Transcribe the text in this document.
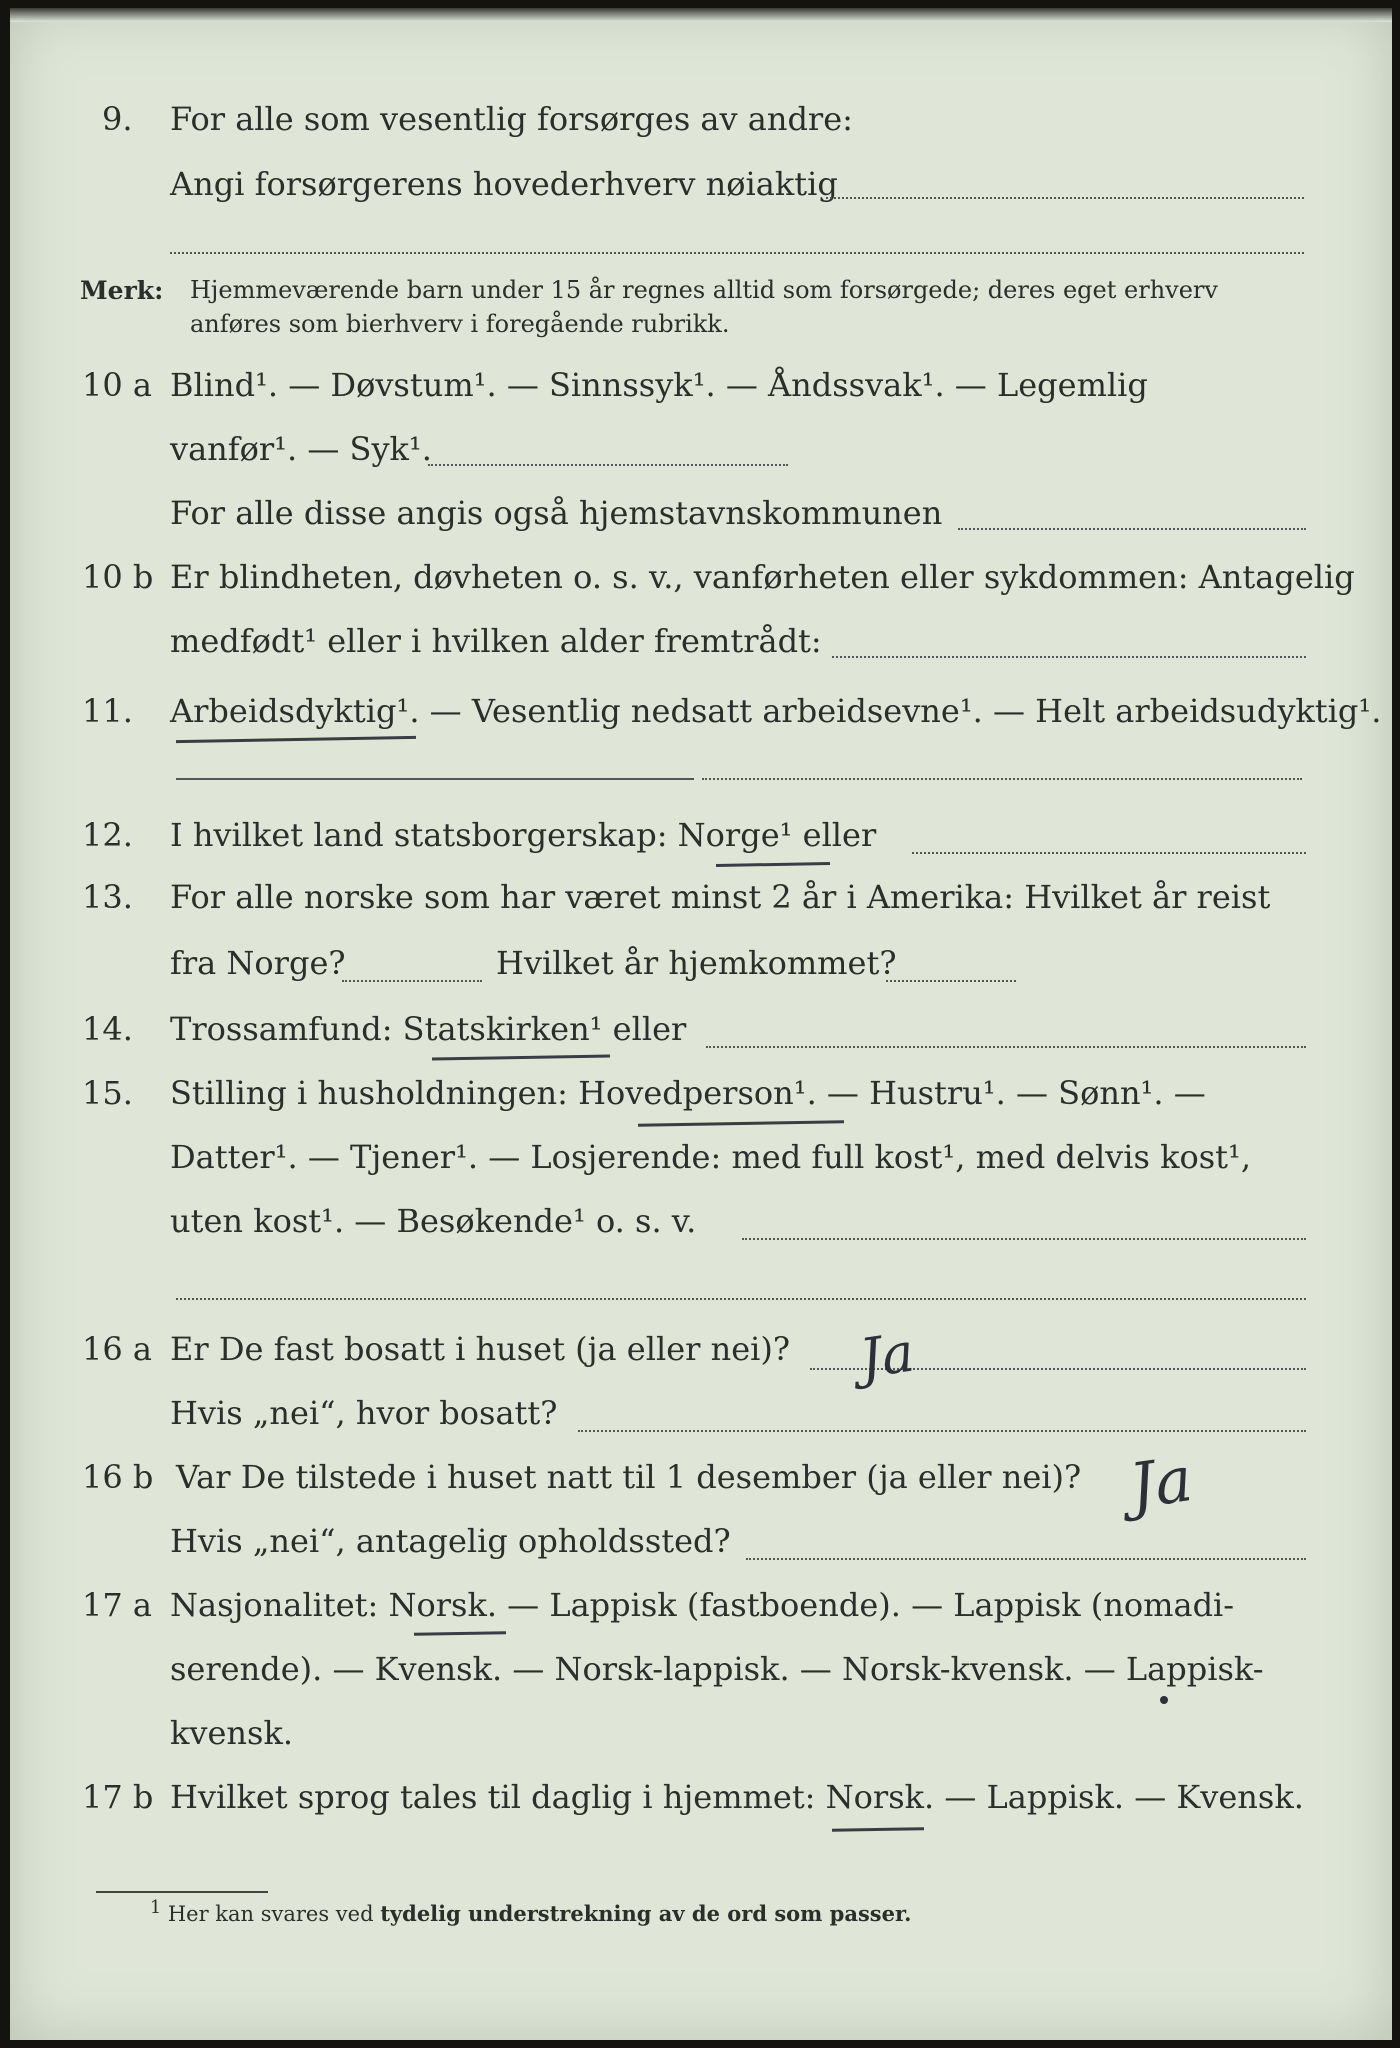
9. For alle som vesentlig forsørges av andre:
Angi forsørgerens hovederhverv nøiaktig
Merk: Hjemmeværende barn under 15 år regnes alltid som forsørgede; deres eget erhverv
anføres som bierhverv i foregående rubrikk.
10 a Blind¹. — Døvstum¹. — Sinnssyk¹. — Åndssvak¹. — Legemlig
vanfør¹. — Syk¹.
For alle disse angis også hjemstavnskommunen
10 b Er blindheten, døvheten o. s. v., vanførheten eller sykdommen: Antagelig
medfødt¹ eller i hvilken alder fremtrådt:
11. Arbeidsdyktig¹. — Vesentlig nedsatt arbeidsevne¹. — Helt arbeidsudyktig¹.
12. I hvilket land statsborgerskap: Norge¹ eller
13. For alle norske som har været minst 2 år i Amerika: Hvilket år reist
fra Norge?	Hvilket år hjemkommet?
14. Trossamfund: Statskirken¹ eller
15. Stilling i husholdningen: Hovedperson¹. — Hustru¹. — Sønn¹. —
Datter¹. — Tjener¹. — Losjerende: med full kost¹, med delvis kost¹,
uten kost¹. — Besøkende¹ o. s. v.
16 a Er De fast bosatt i huset (ja eller nei)? Ja
Hvis „nei“, hvor bosatt?
16 b Var De tilstede i huset natt til 1 desember (ja eller nei)? Ja
Hvis „nei“, antagelig opholdssted?
17 a Nasjonalitet: Norsk. — Lappisk (fastboende). — Lappisk (nomadi-
serende). — Kvensk. — Norsk-lappisk. — Norsk-kvensk. — Lappisk-
kvensk.
17 b Hvilket sprog tales til daglig i hjemmet: Norsk. — Lappisk. — Kvensk.
$^1$ Her kan svares ved tydelig understrekning av de ord som passer.
